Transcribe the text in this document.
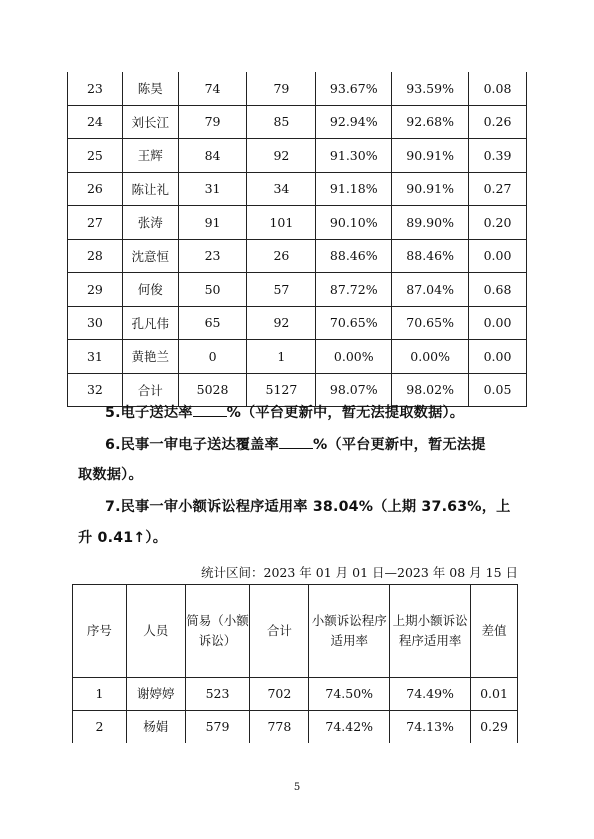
23	陈昊	74	79	93.67%	93.59%	0.08
24	刘长江	79	85	92.94%	92.68%	0.26
25	王辉	84	92	91.30%	90.91%	0.39
26	陈让礼	31	34	91.18%	90.91%	0.27
27	张涛	91	101	90.10%	89.90%	0.20
28	沈意恒	23	26	88.46%	88.46%	0.00
29	何俊	50	57	87.72%	87.04%	0.68
30	孔凡伟	65	92	70.65%	70.65%	0.00
31	黄艳兰	0	1	0.00%	0.00%	0.00
32	合计	5028	5127	98.07%	98.02%	0.05
5.电子送达率 %（平台更新中，暂无法提取数据）。
6.民事一审电子送达覆盖率 %（平台更新中，暂无法提
取数据）。
7.民事一审小额诉讼程序适用率 38.04%（上期 37.63%，上
升 0.41↑）。
统计区间：2023 年 01 月 01 日—2023 年 08 月 15 日
序号	人员	简易（小额诉讼）	合计	小额诉讼程序适用率	上期小额诉讼程序适用率	差值
1	谢婷婷	523	702	74.50%	74.49%	0.01
2	杨娟	579	778	74.42%	74.13%	0.29
5
